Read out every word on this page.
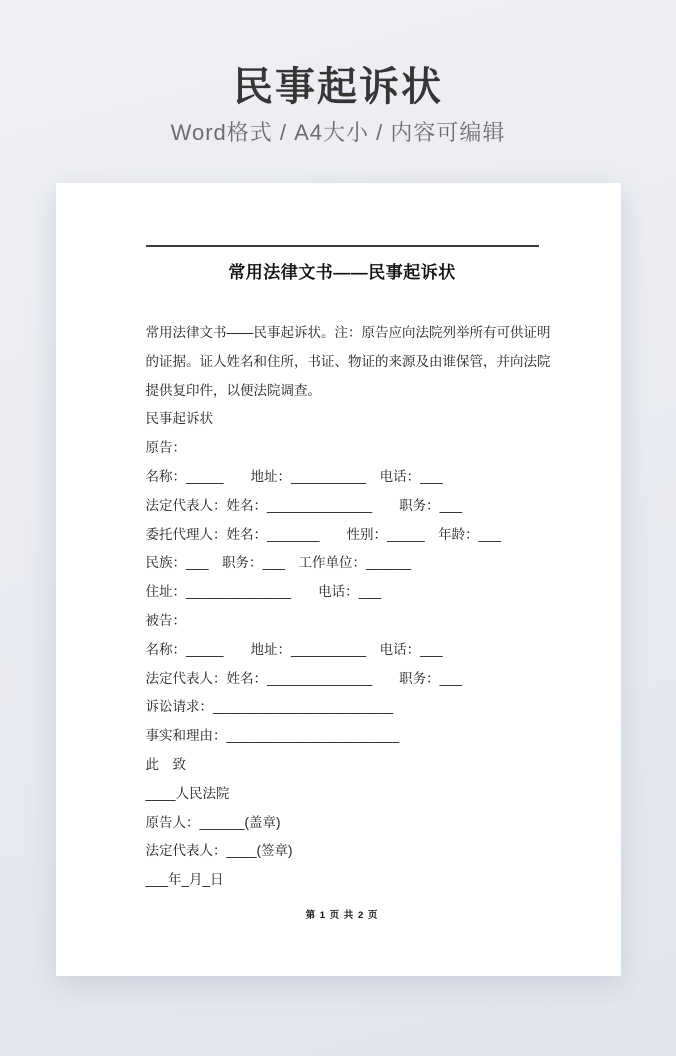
民事起诉状

Word格式 / A4大小 / 内容可编辑

常用法律文书——民事起诉状
常用法律文书——民事起诉状。注：原告应向法院列举所有可供证明
的证据。证人姓名和住所，书证、物证的来源及由谁保管，并向法院
提供复印件，以便法院调查。
民事起诉状
原告：
名称：_____　　地址：__________　电话：___
法定代表人：姓名：______________　　职务：___
委托代理人：姓名：_______　　性别：_____　年龄：___
民族：___　职务：___　工作单位：______
住址：______________　　电话：___
被告：
名称：_____　　地址：__________　电话：___
法定代表人：姓名：______________　　职务：___
诉讼请求：________________________
事实和理由：_______________________
此　致
____人民法院
原告人：______(盖章)
法定代表人：____(签章)
___年_月_日
第 1 页 共 2 页
